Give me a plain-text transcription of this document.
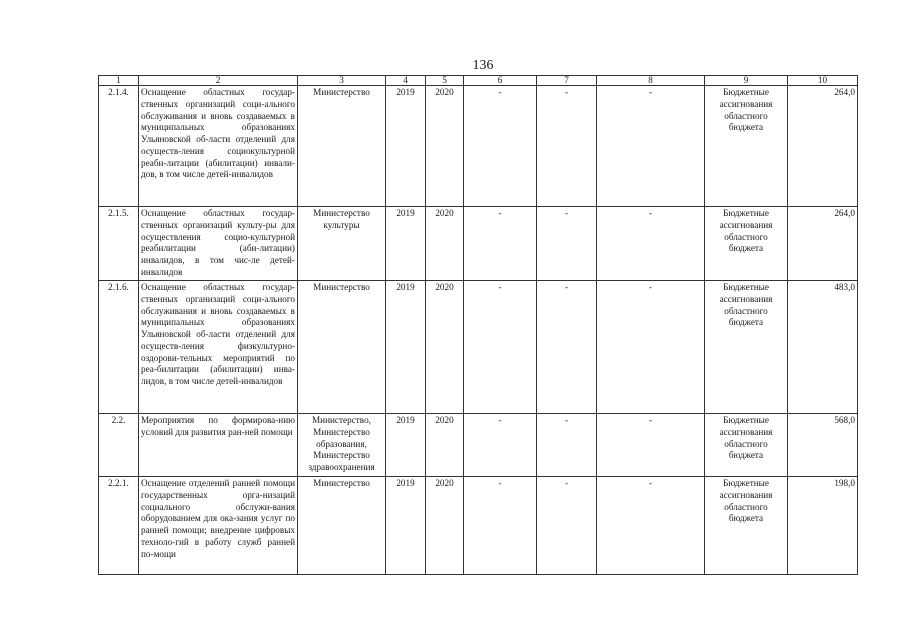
136
1	2	3	4	5	6	7	8	9	10
2.1.4.	Оснащение областных государ-ственных организаций соци-ального обслуживания и вновь создаваемых в муниципальных образованиях Ульяновской об-ласти отделений для осуществ-ления социокультурной реаби-литации (абилитации) инвали-дов, в том числе детей-инвалидов	Министерство	2019	2020	-	-	-	Бюджетные ассигнования областного бюджета	264,0
2.1.5.	Оснащение областных государ-ственных организаций культу-ры для осуществления социо-культурной реабилитации (аби-литации) инвалидов, в том чис-ле детей-инвалидов	Министерство культуры	2019	2020	-	-	-	Бюджетные ассигнования областного бюджета	264,0
2.1.6.	Оснащение областных государ-ственных организаций соци-ального обслуживания и вновь создаваемых в муниципальных образованиях Ульяновской об-ласти отделений для осуществ-ления физкультурно-оздорови-тельных мероприятий по реа-билитации (абилитации) инва-лидов, в том числе детей-инвалидов	Министерство	2019	2020	-	-	-	Бюджетные ассигнования областного бюджета	483,0
2.2.	Мероприятия по формирова-нию условий для развития ран-ней помощи	Министерство, Министерство образования, Министерство здравоохранения	2019	2020	-	-	-	Бюджетные ассигнования областного бюджета	568,0
2.2.1.	Оснащение отделений ранней помощи государственных орга-низаций социального обслужи-вания оборудованием для ока-зания услуг по ранней помощи; внедрение цифровых техноло-гий в работу служб ранней по-мощи	Министерство	2019	2020	-	-	-	Бюджетные ассигнования областного бюджета	198,0
